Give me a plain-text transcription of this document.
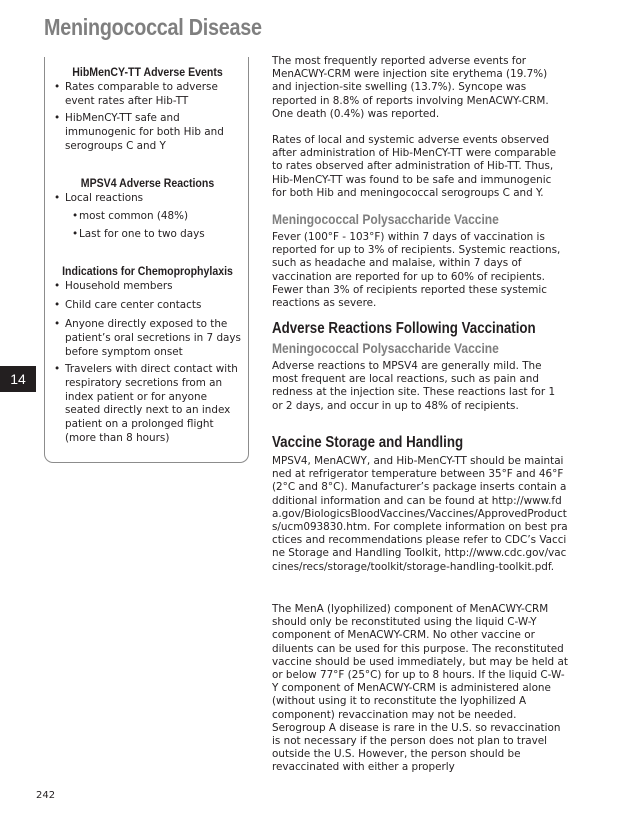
Meningococcal Disease
14
HibMenCY-TT Adverse Events
• Rates comparable to adverse event rates after Hib-TT
• HibMenCY-TT safe and immunogenic for both Hib and serogroups C and Y
MPSV4 Adverse Reactions
• Local reactions
• most common (48%)
• Last for one to two days
Indications for Chemoprophylaxis
• Household members
• Child care center contacts
• Anyone directly exposed to the patient’s oral secretions in 7 days before symptom onset
• Travelers with direct contact with respiratory secretions from an index patient or for anyone seated directly next to an index patient on a prolonged flight (more than 8 hours)

The most frequently reported adverse events for MenACWY-CRM were injection site erythema (19.7%) and injection-site swelling (13.7%). Syncope was reported in 8.8% of reports involving MenACWY-CRM. One death (0.4%) was reported.

Rates of local and systemic adverse events observed after administration of Hib-MenCY-TT were comparable to rates observed after administration of Hib-TT. Thus, Hib-MenCY-TT was found to be safe and immunogenic for both Hib and meningococcal serogroups C and Y.

Meningococcal Polysaccharide Vaccine

Fever (100°F - 103°F) within 7 days of vaccination is reported for up to 3% of recipients. Systemic reactions, such as headache and malaise, within 7 days of vaccination are reported for up to 60% of recipients. Fewer than 3% of recipients reported these systemic reactions as severe.

Adverse Reactions Following Vaccination
Meningococcal Polysaccharide Vaccine

Adverse reactions to MPSV4 are generally mild. The most frequent are local reactions, such as pain and redness at the injection site. These reactions last for 1 or 2 days, and occur in up to 48% of recipients.

Vaccine Storage and Handling

MPSV4, MenACWY, and Hib-MenCY-TT should be maintained at refrigerator temperature between 35°F and 46°F (2°C and 8°C). Manufacturer’s package inserts contain additional information and can be found at http://www.fda.gov/BiologicsBloodVaccines/Vaccines/ApprovedProducts/ucm093830.htm. For complete information on best practices and recommendations please refer to CDC’s Vaccine Storage and Handling Toolkit, http://www.cdc.gov/vaccines/recs/storage/toolkit/storage-handling-toolkit.pdf.

The MenA (lyophilized) component of MenACWY-CRM should only be reconstituted using the liquid C-W-Y component of MenACWY-CRM. No other vaccine or diluents can be used for this purpose. The reconstituted vaccine should be used immediately, but may be held at or below 77°F (25°C) for up to 8 hours. If the liquid C-W-Y component of MenACWY-CRM is administered alone (without using it to reconstitute the lyophilized A component) revaccination may not be needed. Serogroup A disease is rare in the U.S. so revaccination is not necessary if the person does not plan to travel outside the U.S. However, the person should be revaccinated with either a properly

242
